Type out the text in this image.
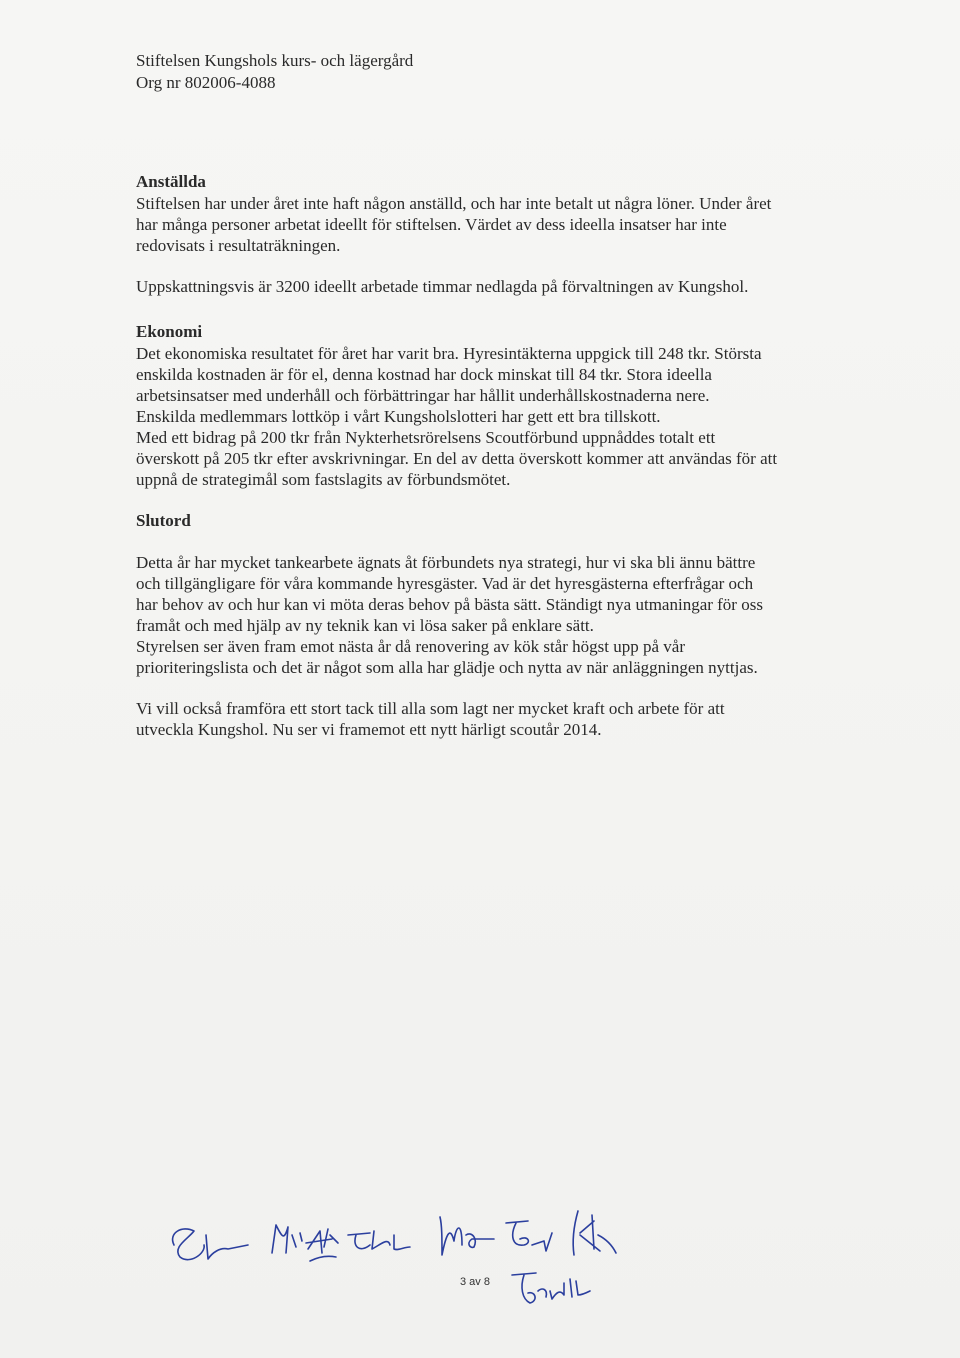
Stiftelsen Kungshols kurs- och lägergård
Org nr 802006-4088
Anställda
Stiftelsen har under året inte haft någon anställd, och har inte betalt ut några löner. Under året
har många personer arbetat ideellt för stiftelsen. Värdet av dess ideella insatser har inte
redovisats i resultaträkningen.
Uppskattningsvis är 3200 ideellt arbetade timmar nedlagda på förvaltningen av Kungshol.
Ekonomi
Det ekonomiska resultatet för året har varit bra. Hyresintäkterna uppgick till 248 tkr. Största
enskilda kostnaden är för el, denna kostnad har dock minskat till 84 tkr. Stora ideella
arbetsinsatser med underhåll och förbättringar har hållit underhållskostnaderna nere.
Enskilda medlemmars lottköp i vårt Kungsholslotteri har gett ett bra tillskott.
Med ett bidrag på 200 tkr från Nykterhetsrörelsens Scoutförbund uppnåddes totalt ett
överskott på 205 tkr efter avskrivningar. En del av detta överskott kommer att användas för att
uppnå de strategimål som fastslagits av förbundsmötet.
Slutord
Detta år har mycket tankearbete ägnats åt förbundets nya strategi, hur vi ska bli ännu bättre
och tillgängligare för våra kommande hyresgäster. Vad är det hyresgästerna efterfrågar och
har behov av och hur kan vi möta deras behov på bästa sätt. Ständigt nya utmaningar för oss
framåt och med hjälp av ny teknik kan vi lösa saker på enklare sätt.
Styrelsen ser även fram emot nästa år då renovering av kök står högst upp på vår
prioriteringslista och det är något som alla har glädje och nytta av när anläggningen nyttjas.
Vi vill också framföra ett stort tack till alla som lagt ner mycket kraft och arbete för att
utveckla Kungshol. Nu ser vi framemot ett nytt härligt scoutår 2014.
3 av 8
